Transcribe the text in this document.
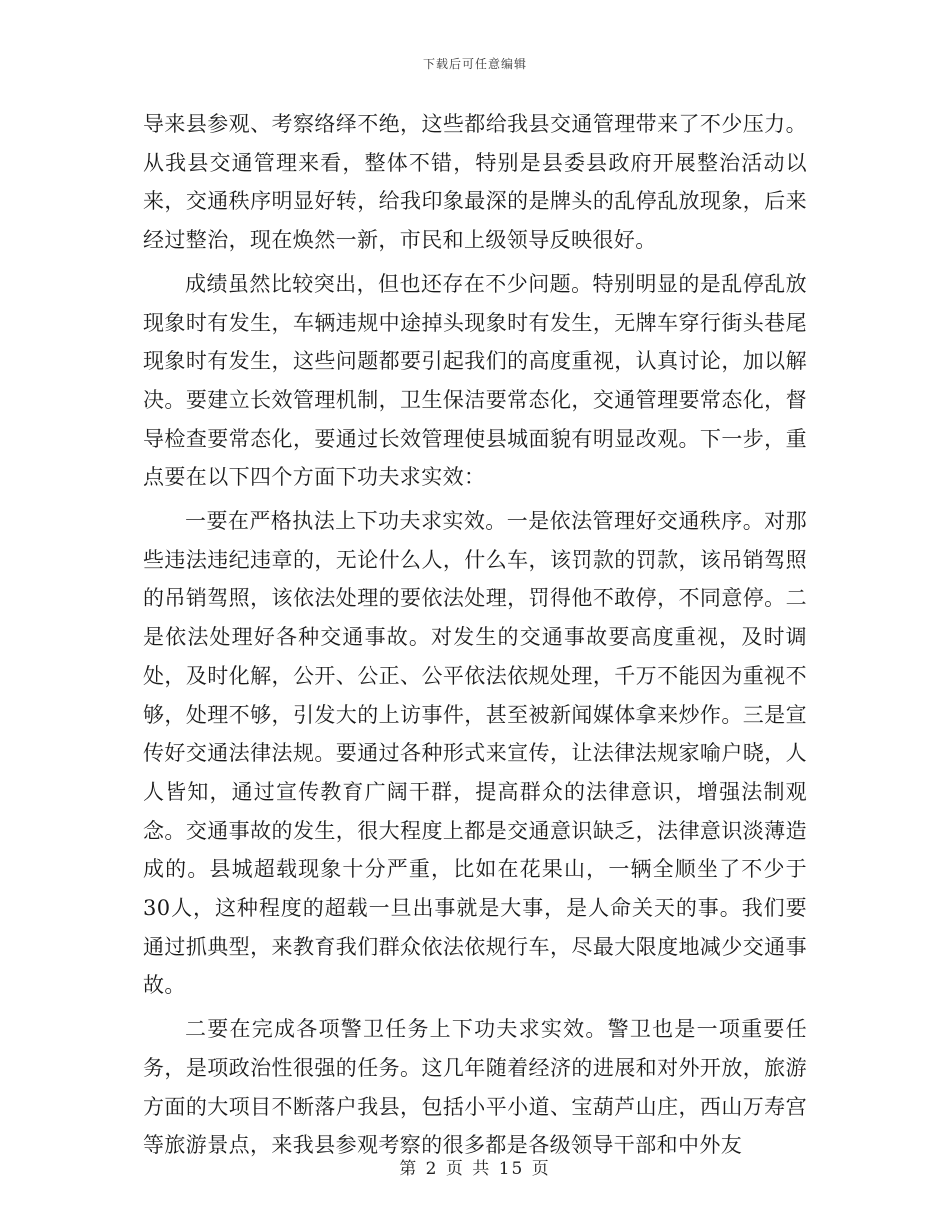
下载后可任意编辑

导来县参观、考察络绎不绝，这些都给我县交通管理带来了不少压力。从我县交通管理来看，整体不错，特别是县委县政府开展整治活动以来，交通秩序明显好转，给我印象最深的是牌头的乱停乱放现象，后来经过整治，现在焕然一新，市民和上级领导反映很好。

成绩虽然比较突出，但也还存在不少问题。特别明显的是乱停乱放现象时有发生，车辆违规中途掉头现象时有发生，无牌车穿行街头巷尾现象时有发生，这些问题都要引起我们的高度重视，认真讨论，加以解决。要建立长效管理机制，卫生保洁要常态化，交通管理要常态化，督导检查要常态化，要通过长效管理使县城面貌有明显改观。下一步，重点要在以下四个方面下功夫求实效：

一要在严格执法上下功夫求实效。一是依法管理好交通秩序。对那些违法违纪违章的，无论什么人，什么车，该罚款的罚款，该吊销驾照的吊销驾照，该依法处理的要依法处理，罚得他不敢停，不同意停。二是依法处理好各种交通事故。对发生的交通事故要高度重视，及时调处，及时化解，公开、公正、公平依法依规处理，千万不能因为重视不够，处理不够，引发大的上访事件，甚至被新闻媒体拿来炒作。三是宣传好交通法律法规。要通过各种形式来宣传，让法律法规家喻户晓，人人皆知，通过宣传教育广阔干群，提高群众的法律意识，增强法制观念。交通事故的发生，很大程度上都是交通意识缺乏，法律意识淡薄造成的。县城超载现象十分严重，比如在花果山，一辆全顺坐了不少于30人，这种程度的超载一旦出事就是大事，是人命关天的事。我们要通过抓典型，来教育我们群众依法依规行车，尽最大限度地减少交通事故。

二要在完成各项警卫任务上下功夫求实效。警卫也是一项重要任务，是项政治性很强的任务。这几年随着经济的进展和对外开放，旅游方面的大项目不断落户我县，包括小平小道、宝葫芦山庄，西山万寿宫等旅游景点，来我县参观考察的很多都是各级领导干部和中外友

第 2 页 共 15 页
